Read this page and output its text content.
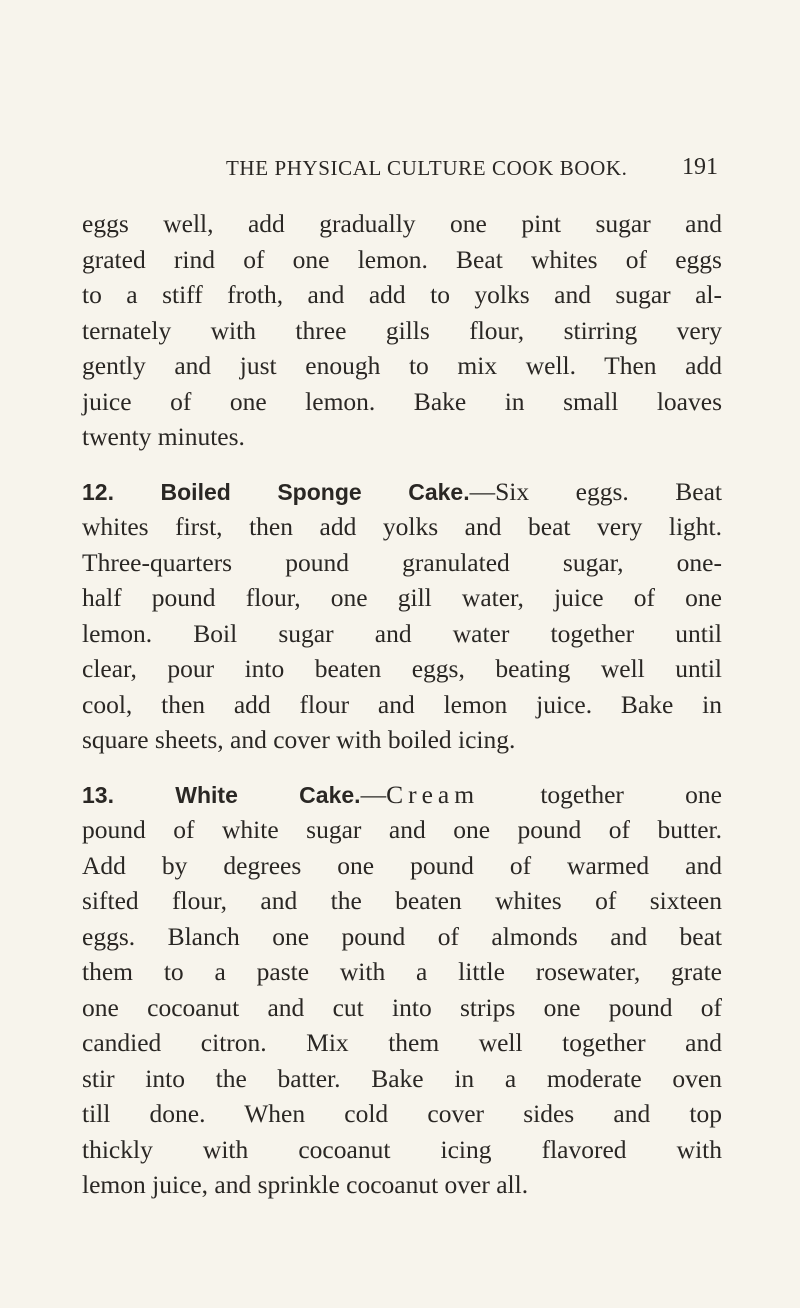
THE PHYSICAL CULTURE COOK BOOK. 191
eggs well, add gradually one pint sugar and
grated rind of one lemon. Beat whites of eggs
to a stiff froth, and add to yolks and sugar al-
ternately with three gills flour, stirring very
gently and just enough to mix well. Then add
juice of one lemon. Bake in small loaves
twenty minutes.
12. Boiled Sponge Cake.—Six eggs. Beat
whites first, then add yolks and beat very light.
Three-quarters pound granulated sugar, one-
half pound flour, one gill water, juice of one
lemon. Boil sugar and water together until
clear, pour into beaten eggs, beating well until
cool, then add flour and lemon juice. Bake in
square sheets, and cover with boiled icing.
13.	White Cake.—Cream together one
pound of white sugar and one pound of butter.
Add by degrees one pound of warmed and
sifted flour, and the beaten whites of sixteen
eggs. Blanch one pound of almonds and beat
them to a paste with a little rosewater, grate
one cocoanut and cut into strips one pound of
candied citron. Mix them well together and
stir into the batter. Bake in a moderate oven
till done. When cold cover sides and top
thickly with cocoanut icing flavored with
lemon juice, and sprinkle cocoanut over all.
